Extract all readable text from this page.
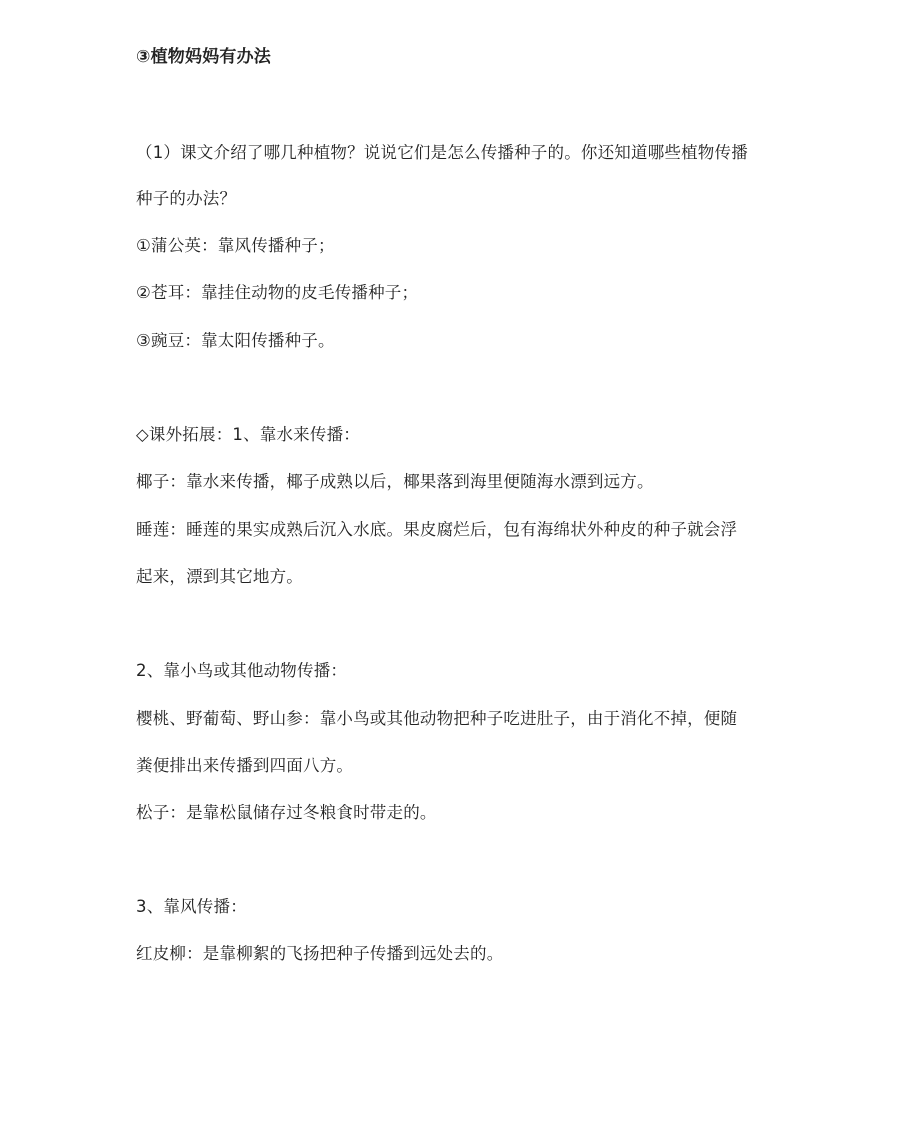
③植物妈妈有办法
（1）课文介绍了哪几种植物？说说它们是怎么传播种子的。你还知道哪些植物传播
种子的办法？
①蒲公英：靠风传播种子；
②苍耳：靠挂住动物的皮毛传播种子；
③豌豆：靠太阳传播种子。
◇课外拓展：1、靠水来传播：
椰子：靠水来传播，椰子成熟以后，椰果落到海里便随海水漂到远方。
睡莲：睡莲的果实成熟后沉入水底。果皮腐烂后，包有海绵状外种皮的种子就会浮
起来，漂到其它地方。
2、靠小鸟或其他动物传播：
樱桃、野葡萄、野山参：靠小鸟或其他动物把种子吃进肚子，由于消化不掉，便随
粪便排出来传播到四面八方。
松子：是靠松鼠储存过冬粮食时带走的。
3、靠风传播：
红皮柳：是靠柳絮的飞扬把种子传播到远处去的。
